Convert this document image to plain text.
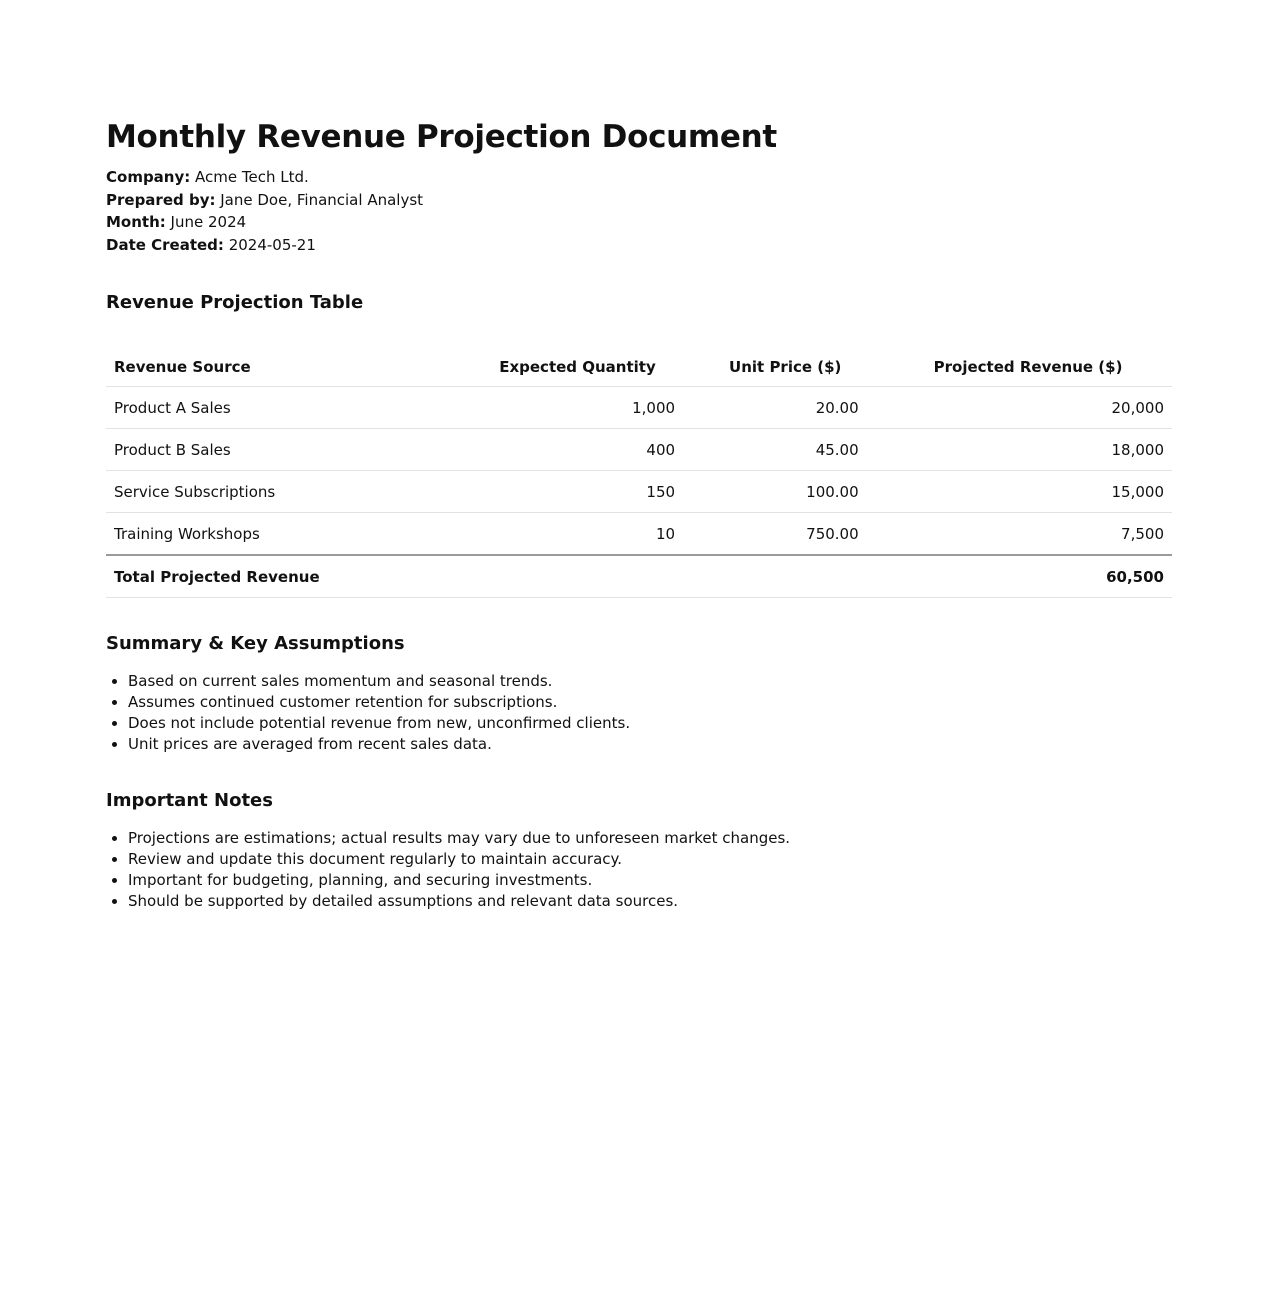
Monthly Revenue Projection Document
Company: Acme Tech Ltd.
Prepared by: Jane Doe, Financial Analyst
Month: June 2024
Date Created: 2024-05-21
Revenue Projection Table
Revenue Source	Expected Quantity	Unit Price ($)	Projected Revenue ($)
Product A Sales	1,000	20.00	20,000
Product B Sales	400	45.00	18,000
Service Subscriptions	150	100.00	15,000
Training Workshops	10	750.00	7,500
Total Projected Revenue			60,500
Summary & Key Assumptions
• Based on current sales momentum and seasonal trends.
• Assumes continued customer retention for subscriptions.
• Does not include potential revenue from new, unconfirmed clients.
• Unit prices are averaged from recent sales data.
Important Notes
• Projections are estimations; actual results may vary due to unforeseen market changes.
• Review and update this document regularly to maintain accuracy.
• Important for budgeting, planning, and securing investments.
• Should be supported by detailed assumptions and relevant data sources.
